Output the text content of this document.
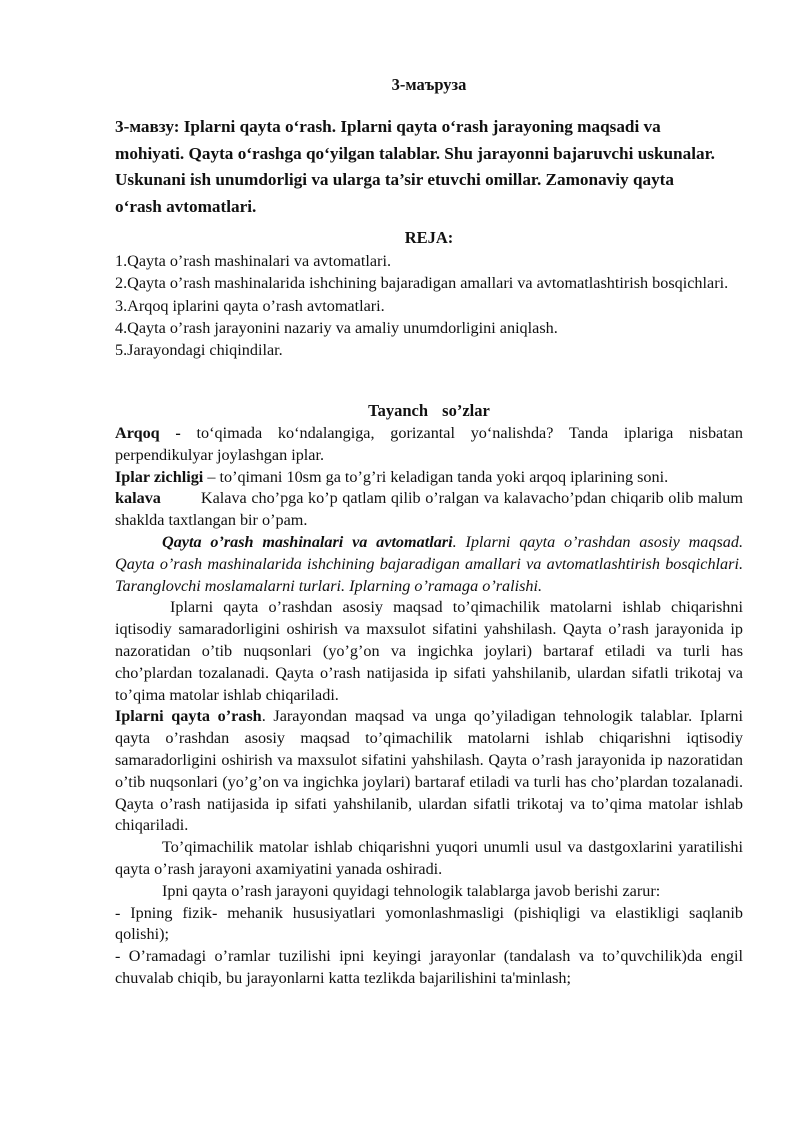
3-маъруза
3-мавзу: Iplarni qayta o‘rash. Iplarni qayta o‘rash jarayoning maqsadi va mohiyati. Qayta o‘rashga qo‘yilgan talablar. Shu jarayonni bajaruvchi uskunalar. Uskunani ish unumdorligi va ularga ta’sir etuvchi omillar. Zamonaviy qayta o‘rash avtomatlari.
REJA:
1.Qayta o’rash mashinalari va avtomatlari.
2.Qayta o’rash mashinalarida ishchining bajaradigan amallari va avtomatlashtirish bosqichlari.
3.Arqoq iplarini qayta o’rash avtomatlari.
4.Qayta o’rash jarayonini nazariy va amaliy unumdorligini aniqlash.
5.Jarayondagi chiqindilar.
Tayanch so’zlar

Arqoq - to‘qimada ko‘ndalangiga, gorizantal yo‘nalishda? Tanda iplariga nisbatan perpendikulyar joylashgan iplar.

Iplar zichligi – to’qimani 10sm ga to’g’ri keladigan tanda yoki arqoq iplarining soni.

kalava Kalava cho’pga ko’p qatlam qilib o’ralgan va kalavacho’pdan chiqarib olib malum shaklda taxtlangan bir o’pam.

Qayta o’rash mashinalari va avtomatlari. Iplarni qayta o’rashdan asosiy maqsad. Qayta o’rash mashinalarida ishchining bajaradigan amallari va avtomatlashtirish bosqichlari. Taranglovchi moslamalarni turlari. Iplarning o’ramaga o’ralishi.

Iplarni qayta o’rashdan asosiy maqsad to’qimachilik matolarni ishlab chiqarishni iqtisodiy samaradorligini oshirish va maxsulot sifatini yahshilash. Qayta o’rash jarayonida ip nazoratidan o’tib nuqsonlari (yo’g’on va ingichka joylari) bartaraf etiladi va turli has cho’plardan tozalanadi. Qayta o’rash natijasida ip sifati yahshilanib, ulardan sifatli trikotaj va to’qima matolar ishlab chiqariladi.

Iplarni qayta o’rash. Jarayondan maqsad va unga qo’yiladigan tehnologik talablar. Iplarni qayta o’rashdan asosiy maqsad to’qimachilik matolarni ishlab chiqarishni iqtisodiy samaradorligini oshirish va maxsulot sifatini yahshilash. Qayta o’rash jarayonida ip nazoratidan o’tib nuqsonlari (yo’g’on va ingichka joylari) bartaraf etiladi va turli has cho’plardan tozalanadi. Qayta o’rash natijasida ip sifati yahshilanib, ulardan sifatli trikotaj va to’qima matolar ishlab chiqariladi.

To’qimachilik matolar ishlab chiqarishni yuqori unumli usul va dastgoxlarini yaratilishi qayta o’rash jarayoni axamiyatini yanada oshiradi.

Ipni qayta o’rash jarayoni quyidagi tehnologik talablarga javob berishi zarur:

- Ipning fizik- mehanik hususiyatlari yomonlashmasligi (pishiqligi va elastikligi saqlanib qolishi);

- O’ramadagi o’ramlar tuzilishi ipni keyingi jarayonlar (tandalash va to’quvchilik)da engil chuvalab chiqib, bu jarayonlarni katta tezlikda bajarilishini ta'minlash;
